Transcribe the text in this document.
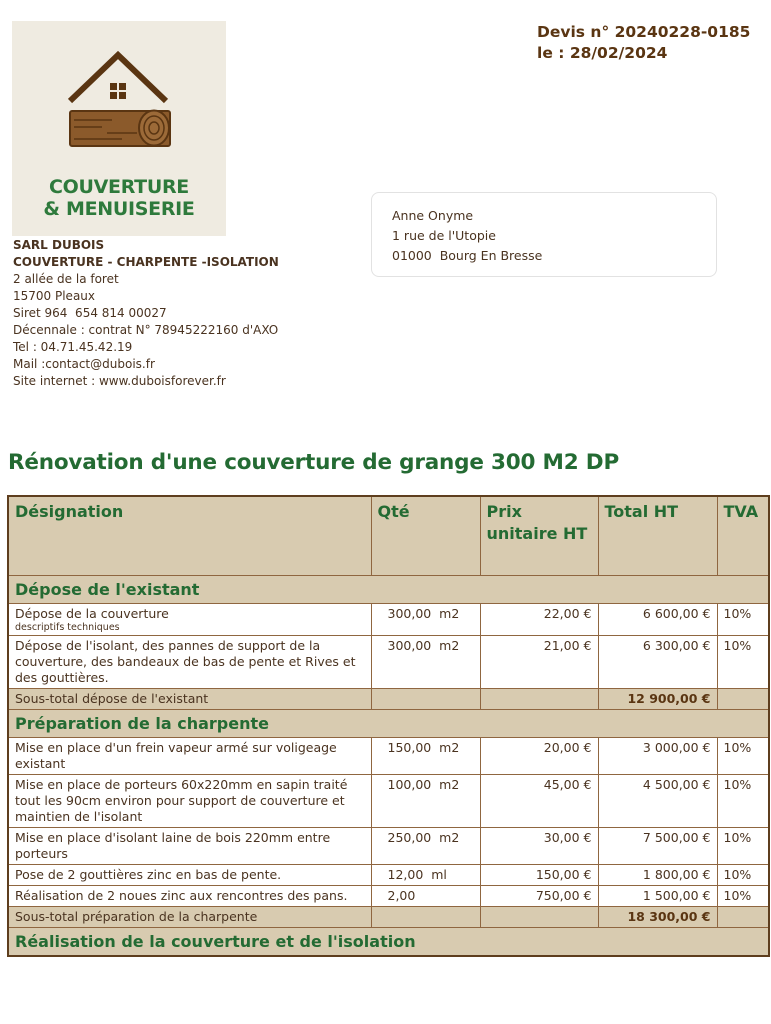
COUVERTURE
& MENUISERIE
SARL DUBOIS
COUVERTURE - CHARPENTE -ISOLATION
2 allée de la foret
15700 Pleaux
Siret 964  654 814 00027
Décennale : contrat N° 78945222160 d'AXO
Tel : 04.71.45.42.19
Mail :contact@dubois.fr
Site internet : www.duboisforever.fr
Devis n° 20240228-0185
le : 28/02/2024
Anne Onyme
1 rue de l'Utopie
01000  Bourg En Bresse
Rénovation d'une couverture de grange 300 M2 DP
Désignation	Qté	Prix unitaire HT	Total HT	TVA
Dépose de l'existant				
Dépose de la couverture
descriptifs techniques	300,00  m2	22,00 €	6 600,00 €	10%
Dépose de l'isolant, des pannes de support de la couverture, des bandeaux de bas de pente et Rives et des gouttières.	300,00  m2	21,00 €	6 300,00 €	10%
Sous-total dépose de l'existant			12 900,00 €	
Préparation de la charpente				
Mise en place d'un frein vapeur armé sur voligeage existant	150,00  m2	20,00 €	3 000,00 €	10%
Mise en place de porteurs 60x220mm en sapin traité tout les 90cm environ pour support de couverture et maintien de l'isolant	100,00  m2	45,00 €	4 500,00 €	10%
Mise en place d'isolant laine de bois 220mm entre porteurs	250,00  m2	30,00 €	7 500,00 €	10%
Pose de 2 gouttières zinc en bas de pente.	12,00  ml	150,00 €	1 800,00 €	10%
Réalisation de 2 noues zinc aux rencontres des pans.	2,00	750,00 €	1 500,00 €	10%
Sous-total préparation de la charpente			18 300,00 €	
Réalisation de la couverture et de l'isolation				
